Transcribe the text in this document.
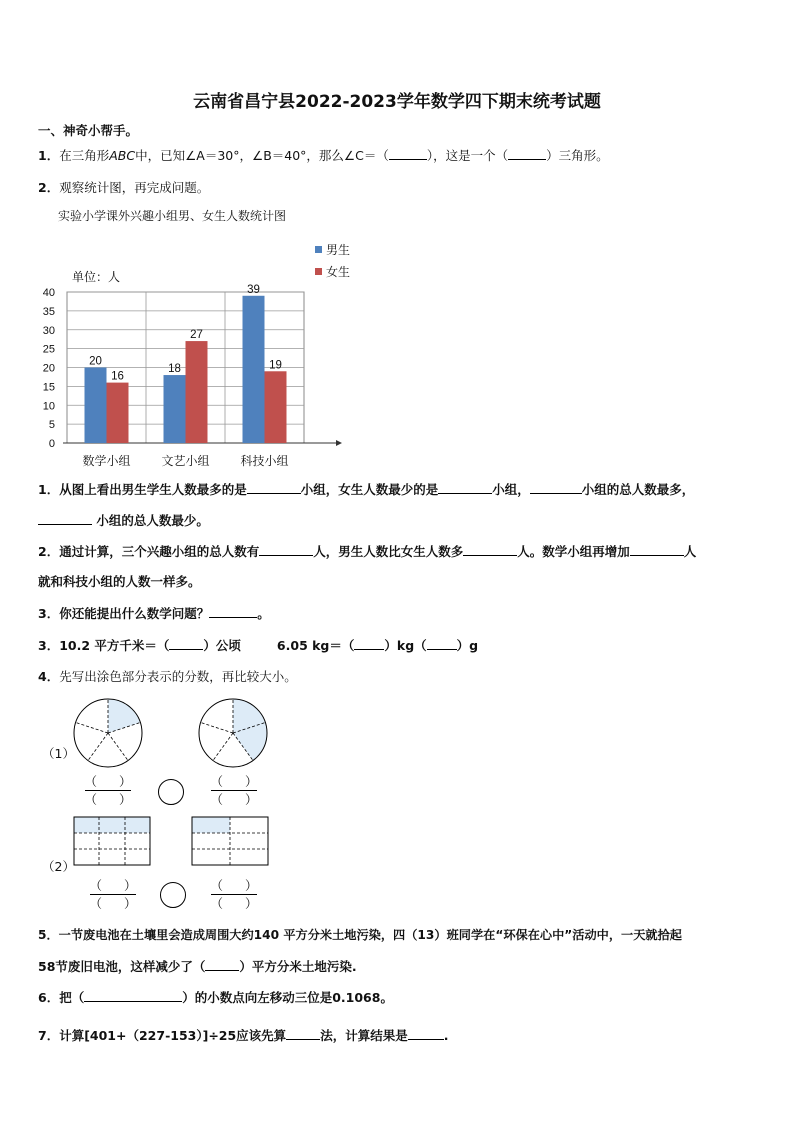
云南省昌宁县2022-2023学年数学四下期末统考试题
一、神奇小帮手。
1．在三角形ABC中，已知∠A＝30°，∠B＝40°，那么∠C＝（	），这是一个（	）三角形。
2．观察统计图，再完成问题。
实验小学课外兴趣小组男、女生人数统计图
0
5
10
15
20
25
30
35
40
单位：人
20
16
数学小组
18
27
文艺小组
39
19
科技小组
男生
女生
1．从图上看出男生学生人数最多的是	小组，女生人数最少的是	小组，	小组的总人数最多，
小组的总人数最少。
2．通过计算，三个兴趣小组的总人数有	人，男生人数比女生人数多	人。数学小组再增加	人
就和科技小组的人数一样多。
3．你还能提出什么数学问题？	。
3．10.2 平方千米＝（	）公顷	6.05 kg＝（ ）kg（ ）g
4．先写出涂色部分表示的分数，再比较大小。
（1）
（2）
（ ）
（ ）
（ ）
（ ）
（ ）
（ ）
（ ）
（ ）
5．一节废电池在土壤里会造成周围大约140 平方分米土地污染，四（13）班同学在“环保在心中”活动中，一天就拾起
58节废旧电池，这样减少了（	）平方分米土地污染.
6．把（	）的小数点向左移动三位是0.1068。
7．计算[401+（227-153）]÷25应该先算	法，计算结果是	.
